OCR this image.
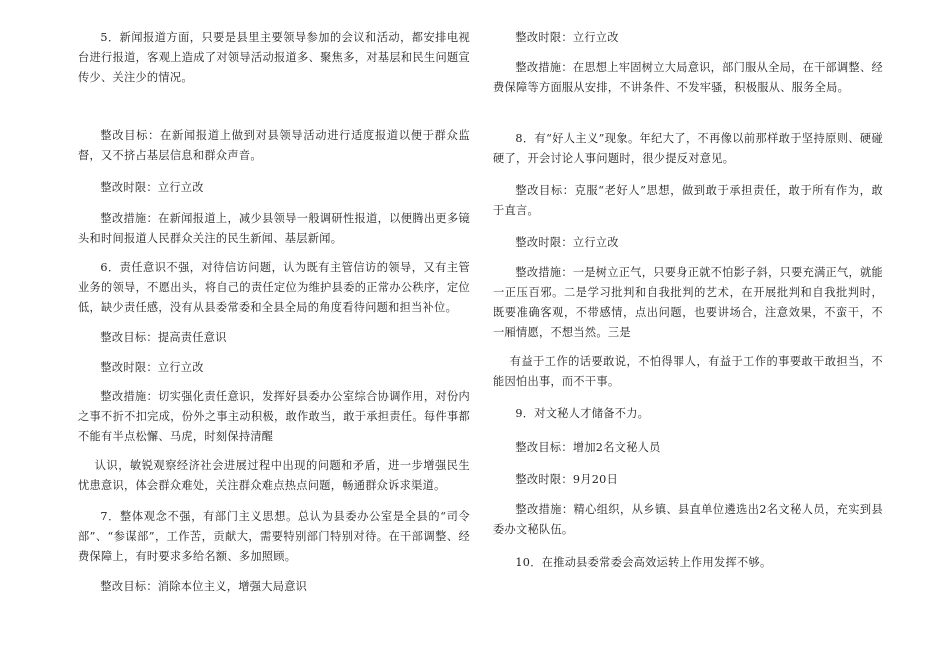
5．新闻报道方面，只要是县里主要领导参加的会议和活动，都安排电视台进行报道，客观上造成了对领导活动报道多、聚焦多，对基层和民生问题宣传少、关注少的情况。

整改目标：在新闻报道上做到对县领导活动进行适度报道以便于群众监督，又不挤占基层信息和群众声音。

整改时限：立行立改

整改措施：在新闻报道上，减少县领导一般调研性报道，以便腾出更多镜头和时间报道人民群众关注的民生新闻、基层新闻。

6．责任意识不强，对待信访问题，认为既有主管信访的领导，又有主管业务的领导，不愿出头，将自己的责任定位为维护县委的正常办公秩序，定位低，缺少责任感，没有从县委常委和全县全局的角度看待问题和担当补位。

整改目标：提高责任意识

整改时限：立行立改

整改措施：切实强化责任意识，发挥好县委办公室综合协调作用，对份内之事不折不扣完成，份外之事主动积极，敢作敢当，敢于承担责任。每件事都不能有半点松懈、马虎，时刻保持清醒

认识，敏锐观察经济社会进展过程中出现的问题和矛盾，进一步增强民生忧患意识，体会群众难处，关注群众难点热点问题，畅通群众诉求渠道。

7．整体观念不强，有部门主义思想。总认为县委办公室是全县的“司令部”、“参谋部”，工作苦，贡献大，需要特别部门特别对待。在干部调整、经费保障上，有时要求多给名额、多加照顾。

整改目标：消除本位主义，增强大局意识

整改时限：立行立改

整改措施：在思想上牢固树立大局意识，部门服从全局，在干部调整、经费保障等方面服从安排，不讲条件、不发牢骚，积极服从、服务全局。

8．有“好人主义”现象。年纪大了，不再像以前那样敢于坚持原则、硬碰硬了，开会讨论人事问题时，很少提反对意见。

整改目标：克服“老好人”思想，做到敢于承担责任，敢于所有作为，敢于直言。

整改时限：立行立改

整改措施：一是树立正气，只要身正就不怕影子斜，只要充满正气，就能一正压百邪。二是学习批判和自我批判的艺术，在开展批判和自我批判时，既要准确客观，不带感情，点出问题，也要讲场合，注意效果，不蛮干，不一厢情愿，不想当然。三是

有益于工作的话要敢说，不怕得罪人，有益于工作的事要敢干敢担当，不能因怕出事，而不干事。

9．对文秘人才储备不力。

整改目标：增加2名文秘人员

整改时限：9月20日

整改措施：精心组织，从乡镇、县直单位遴选出2名文秘人员，充实到县委办文秘队伍。

10．在推动县委常委会高效运转上作用发挥不够。
